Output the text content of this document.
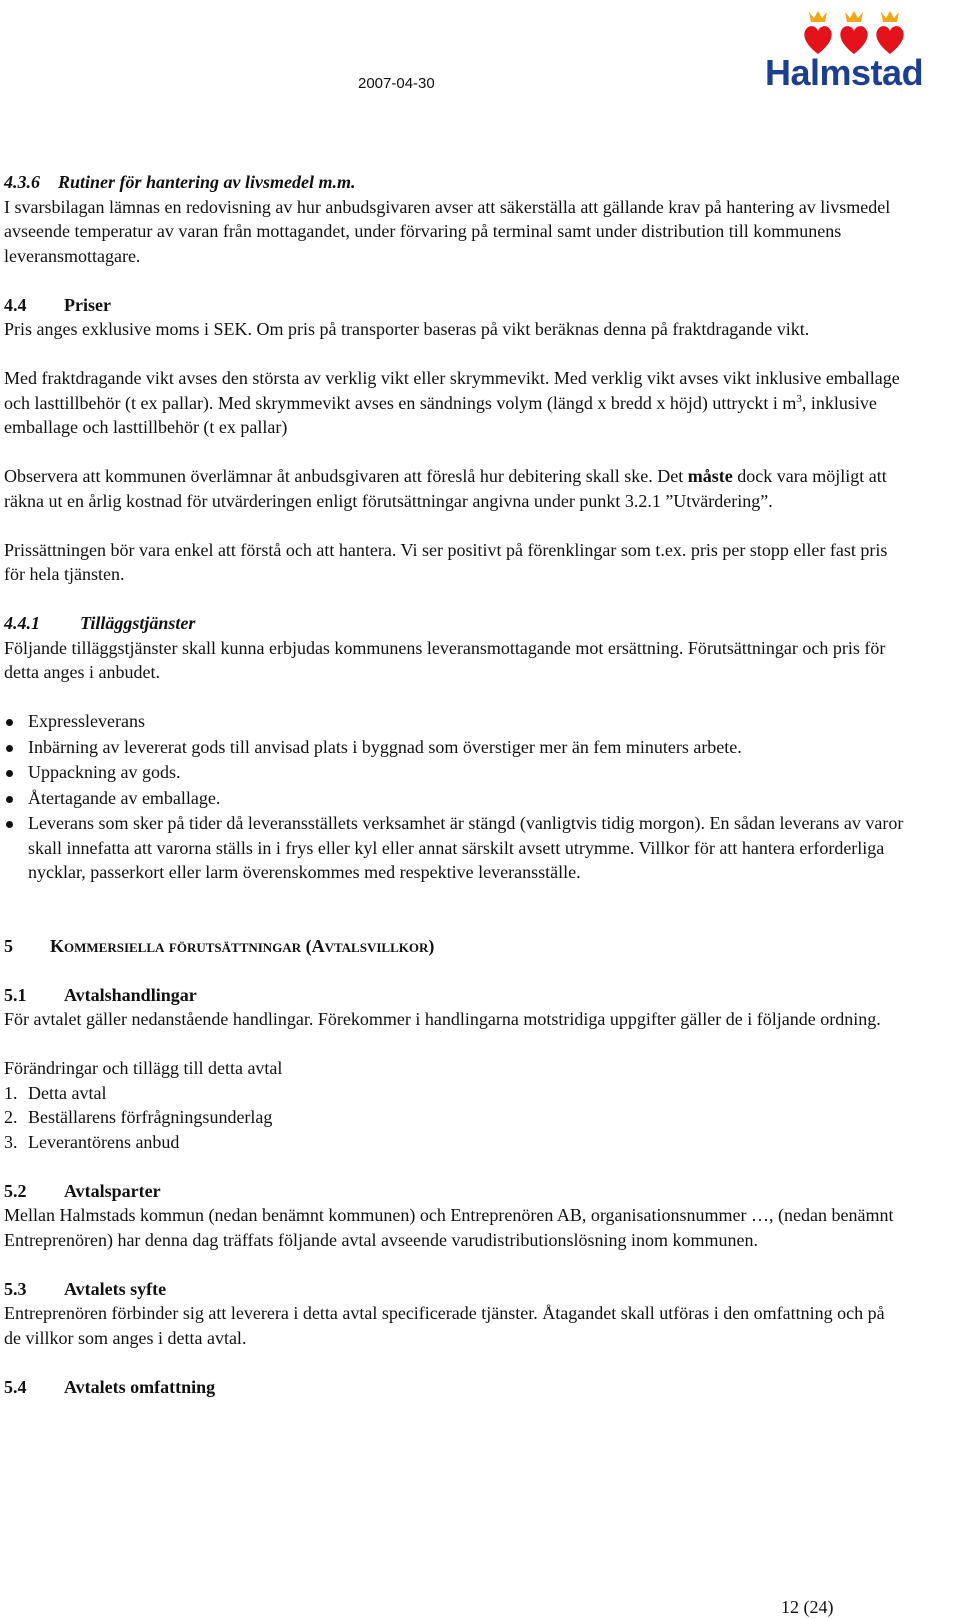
2007-04-30	Halmstad
4.3.6    Rutiner för hantering av livsmedel m.m.

I svarsbilagan lämnas en redovisning av hur anbudsgivaren avser att säkerställa att gällande krav på hantering av livsmedel avseende temperatur av varan från mottagandet, under förvaring på terminal samt under distribution till kommunens leveransmottagare.

4.4 Priser

Pris anges exklusive moms i SEK. Om pris på transporter baseras på vikt beräknas denna på fraktdragande vikt.

Med fraktdragande vikt avses den största av verklig vikt eller skrymmevikt. Med verklig vikt avses vikt inklusive emballage och lasttillbehör (t ex pallar). Med skrymmevikt avses en sändnings volym (längd x bredd x höjd) uttryckt i $m^3$, inklusive emballage och lasttillbehör (t ex pallar)

Observera att kommunen överlämnar åt anbudsgivaren att föreslå hur debitering skall ske. Det måste dock vara möjligt att räkna ut en årlig kostnad för utvärderingen enligt förutsättningar angivna under punkt 3.2.1 ”Utvärdering”.

Prissättningen bör vara enkel att förstå och att hantera. Vi ser positivt på förenklingar som t.ex. pris per stopp eller fast pris för hela tjänsten.

4.4.1 Tilläggstjänster

Följande tilläggstjänster skall kunna erbjudas kommunens leveransmottagande mot ersättning. Förutsättningar och pris för detta anges i anbudet.

Expressleverans
Inbärning av levererat gods till anvisad plats i byggnad som överstiger mer än fem minuters arbete.
Uppackning av gods.
Återtagande av emballage.
Leverans som sker på tider då leveransställets verksamhet är stängd (vanligtvis tidig morgon). En sådan leverans av varor skall innefatta att varorna ställs in i frys eller kyl eller annat särskilt avsett utrymme. Villkor för att hantera erforderliga nycklar, passerkort eller larm överenskommes med respektive leveransställe.
5 Kommersiella förutsättningar (Avtalsvillkor)
5.1 Avtalshandlingar

För avtalet gäller nedanstående handlingar. Förekommer i handlingarna motstridiga uppgifter gäller de i följande ordning.

Förändringar och tillägg till detta avtal

1. Detta avtal

2. Beställarens förfrågningsunderlag

3. Leverantörens anbud

5.2 Avtalsparter

Mellan Halmstads kommun (nedan benämnt kommunen) och Entreprenören AB, organisationsnummer …, (nedan benämnt Entreprenören) har denna dag träffats följande avtal avseende varudistributionslösning inom kommunen.

5.3 Avtalets syfte

Entreprenören förbinder sig att leverera i detta avtal specificerade tjänster. Åtagandet skall utföras i den omfattning och på de villkor som anges i detta avtal.

5.4 Avtalets omfattning
12 (24)
